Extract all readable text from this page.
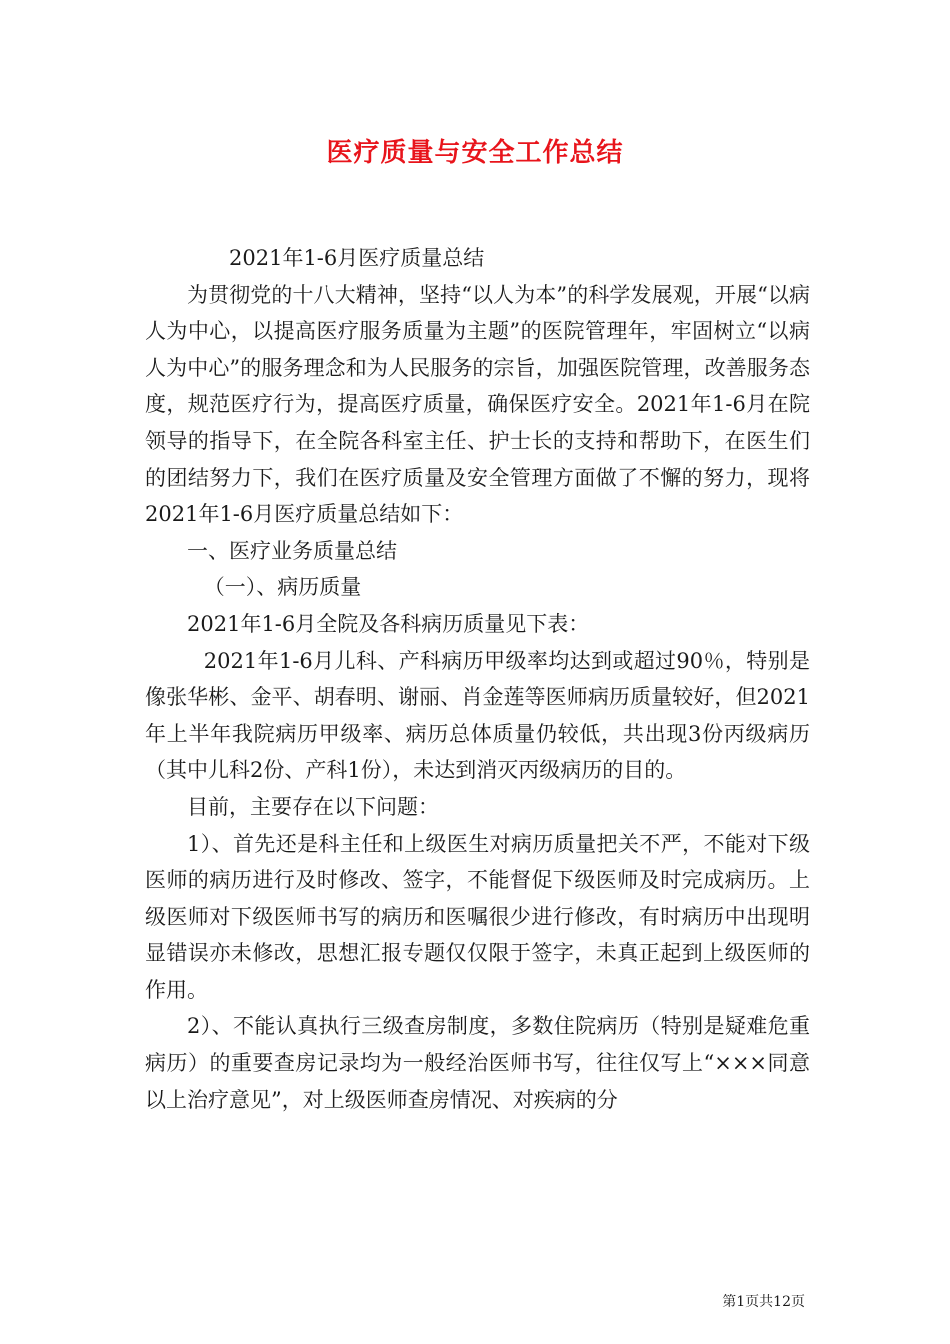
医疗质量与安全工作总结

2021年1-6月医疗质量总结

为贯彻党的十八大精神，坚持“以人为本”的科学发展观，开展“以病人为中心，以提高医疗服务质量为主题”的医院管理年，牢固树立“以病人为中心”的服务理念和为人民服务的宗旨，加强医院管理，改善服务态度，规范医疗行为，提高医疗质量，确保医疗安全。2021年1-6月在院领导的指导下，在全院各科室主任、护士长的支持和帮助下，在医生们的团结努力下，我们在医疗质量及安全管理方面做了不懈的努力，现将2021年1-6月医疗质量总结如下：

一、医疗业务质量总结

（一）、病历质量

2021年1-6月全院及各科病历质量见下表：

2021年1-6月儿科、产科病历甲级率均达到或超过90％，特别是像张华彬、金平、胡春明、谢丽、肖金莲等医师病历质量较好，但2021年上半年我院病历甲级率、病历总体质量仍较低，共出现3份丙级病历（其中儿科2份、产科1份），未达到消灭丙级病历的目的。

目前，主要存在以下问题：

1）、首先还是科主任和上级医生对病历质量把关不严，不能对下级医师的病历进行及时修改、签字，不能督促下级医师及时完成病历。上级医师对下级医师书写的病历和医嘱很少进行修改，有时病历中出现明显错误亦未修改，思想汇报专题仅仅限于签字，未真正起到上级医师的作用。

2）、不能认真执行三级查房制度，多数住院病历（特别是疑难危重病历）的重要查房记录均为一般经治医师书写，往往仅写上“×××同意以上治疗意见”，对上级医师查房情况、对疾病的分

第1页共12页
